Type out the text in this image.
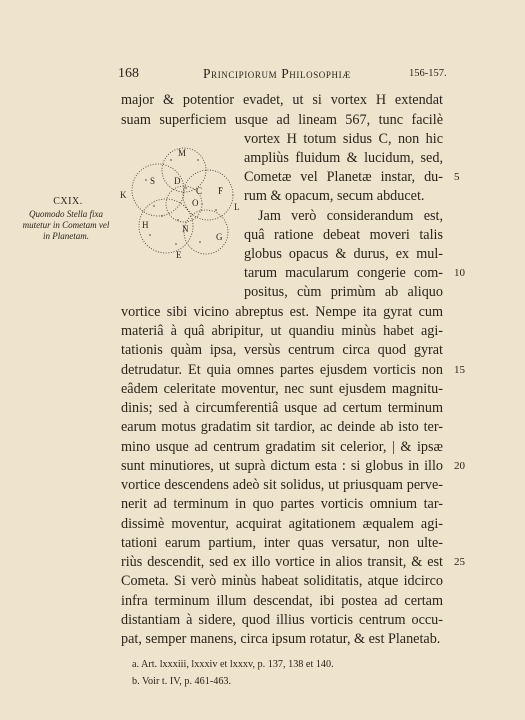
168	Principiorum Philosophiæ	156-157.
CXIX.
Quomodo Stella fixa mutetur in Cometam vel in Planetam.
M
S D
F
C
K
L
H	N
G
E
O
major & potentior evadet, ut si vortex H extendat
suam superficiem usque ad lineam 567, tunc facilè
vortex H totum sidus C, non hic
ampliùs fluidum & lucidum, sed,
Cometæ vel Planetæ instar, du-
rum & opacum, secum abducet.
Jam verò considerandum est,
quâ ratione debeat moveri talis
globus opacus & durus, ex mul-
tarum macularum congerie com-
positus, cùm primùm ab aliquo
vortice sibi vicino abreptus est. Nempe ita gyrat cum
materiâ à quâ abripitur, ut quandiu minùs habet agi-
tationis quàm ipsa, versùs centrum circa quod gyrat
detrudatur. Et quia omnes partes ejusdem vorticis non
eâdem celeritate moventur, nec sunt ejusdem magnitu-
dinis; sed à circumferentiâ usque ad certum terminum
earum motus gradatim sit tardior, ac deinde ab isto ter-
mino usque ad centrum gradatim sit celerior, | & ipsæ
sunt minutiores, ut suprà dictum esta : si globus in illo
vortice descendens adeò sit solidus, ut priusquam perve-
nerit ad terminum in quo partes vorticis omnium tar-
dissimè moventur, acquirat agitationem æqualem agi-
tationi earum partium, inter quas versatur, non ulte-
riùs descendit, sed ex illo vortice in alios transit, & est
Cometa. Si verò minùs habeat soliditatis, atque idcirco
infra terminum illum descendat, ibi postea ad certam
distantiam à sidere, quod illius vorticis centrum occu-
pat, semper manens, circa ipsum rotatur, & est Planetab.
5
10
15
20
25
a. Art. lxxxiii, lxxxiv et lxxxv, p. 137, 138 et 140.
b. Voir t. IV, p. 461-463.
